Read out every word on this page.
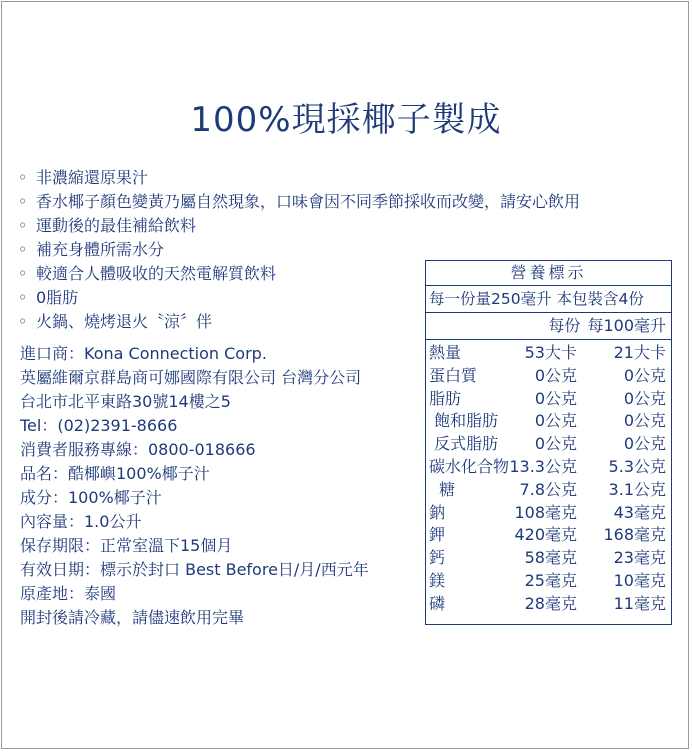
100%現採椰子製成
◦ 非濃縮還原果汁
◦ 香水椰子顏色變黃乃屬自然現象，口味會因不同季節採收而改變，請安心飲用
◦ 運動後的最佳補給飲料
◦ 補充身體所需水分
◦ 較適合人體吸收的天然電解質飲料
◦ 0脂肪
◦ 火鍋、燒烤退火〝涼〞伴
進口商：Kona Connection Corp.
英屬維爾京群島商可娜國際有限公司 台灣分公司
台北市北平東路30號14樓之5
Tel：(02)2391-8666
消費者服務專線：0800-018666
品名：酷椰嶼100%椰子汁
成分：100%椰子汁
內容量：1.0公升
保存期限：正常室溫下15個月
有效日期：標示於封口 Best Before日/月/西元年
原產地：泰國
開封後請冷藏，請儘速飲用完畢
營養標示
每一份量250毫升 本包裝含4份
每份 每100毫升
熱量	53大卡 21大卡
蛋白質	0公克	0公克
脂肪	0公克	0公克
飽和脂肪 0公克	0公克
反式脂肪 0公克	0公克
碳水化合物 13.3公克 5.3公克
糖	7.8公克 3.1公克
鈉	108毫克 43毫克
鉀	420毫克 168毫克
鈣	58毫克 23毫克
鎂	25毫克 10毫克
磷	28毫克 11毫克
